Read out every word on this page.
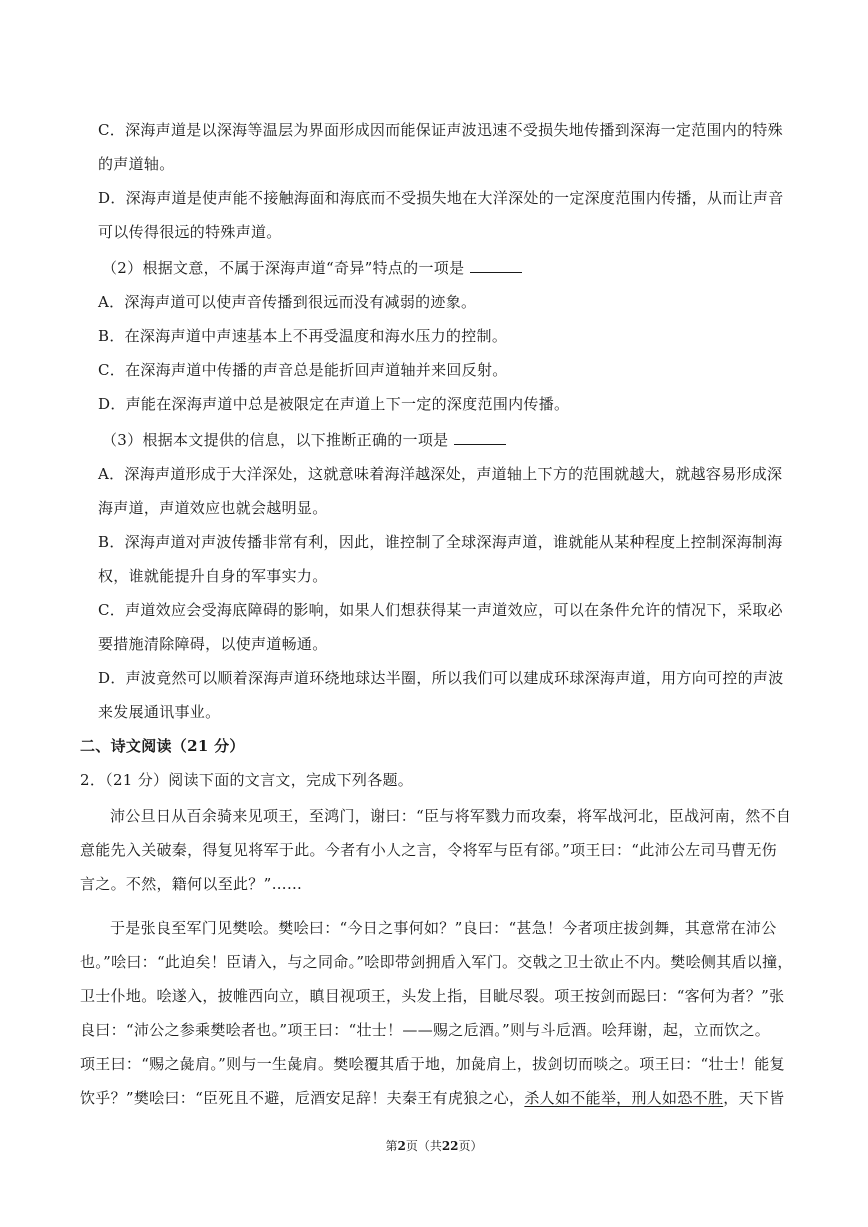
C．深海声道是以深海等温层为界面形成因而能保证声波迅速不受损失地传播到深海一定范围内的特殊
的声道轴。
D．深海声道是使声能不接触海面和海底而不受损失地在大洋深处的一定深度范围内传播，从而让声音
可以传得很远的特殊声道。
（2）根据文意，不属于深海声道“奇异”特点的一项是
A．深海声道可以使声音传播到很远而没有减弱的迹象。
B．在深海声道中声速基本上不再受温度和海水压力的控制。
C．在深海声道中传播的声音总是能折回声道轴并来回反射。
D．声能在深海声道中总是被限定在声道上下一定的深度范围内传播。
（3）根据本文提供的信息，以下推断正确的一项是
A．深海声道形成于大洋深处，这就意味着海洋越深处，声道轴上下方的范围就越大，就越容易形成深
海声道，声道效应也就会越明显。
B．深海声道对声波传播非常有利，因此，谁控制了全球深海声道，谁就能从某种程度上控制深海制海
权，谁就能提升自身的军事实力。
C．声道效应会受海底障碍的影响，如果人们想获得某一声道效应，可以在条件允许的情况下，采取必
要措施清除障碍，以使声道畅通。
D．声波竟然可以顺着深海声道环绕地球达半圈，所以我们可以建成环球深海声道，用方向可控的声波
来发展通讯事业。
二、诗文阅读（21 分）
2．（21 分）阅读下面的文言文，完成下列各题。
沛公旦日从百余骑来见项王，至鸿门，谢曰：“臣与将军戮力而攻秦，将军战河北，臣战河南，然不自
意能先入关破秦，得复见将军于此。今者有小人之言，令将军与臣有郤。”项王曰：“此沛公左司马曹无伤
言之。不然，籍何以至此？”……
于是张良至军门见樊哙。樊哙曰：“今日之事何如？”良曰：“甚急！今者项庄拔剑舞，其意常在沛公
也。”哙曰：“此迫矣！臣请入，与之同命。”哙即带剑拥盾入军门。交戟之卫士欲止不内。樊哙侧其盾以撞，
卫士仆地。哙遂入，披帷西向立，瞋目视项王，头发上指，目眦尽裂。项王按剑而跽曰：“客何为者？”张
良曰：“沛公之参乘樊哙者也。”项王曰：“壮士！——赐之卮酒。”则与斗卮酒。哙拜谢，起，立而饮之。
项王曰：“赐之彘肩。”则与一生彘肩。樊哙覆其盾于地，加彘肩上，拔剑切而啖之。项王曰：“壮士！能复
饮乎？”樊哙曰：“臣死且不避，卮酒安足辞！夫秦王有虎狼之心，杀人如不能举，刑人如恐不胜，天下皆
第2页（共22页）
